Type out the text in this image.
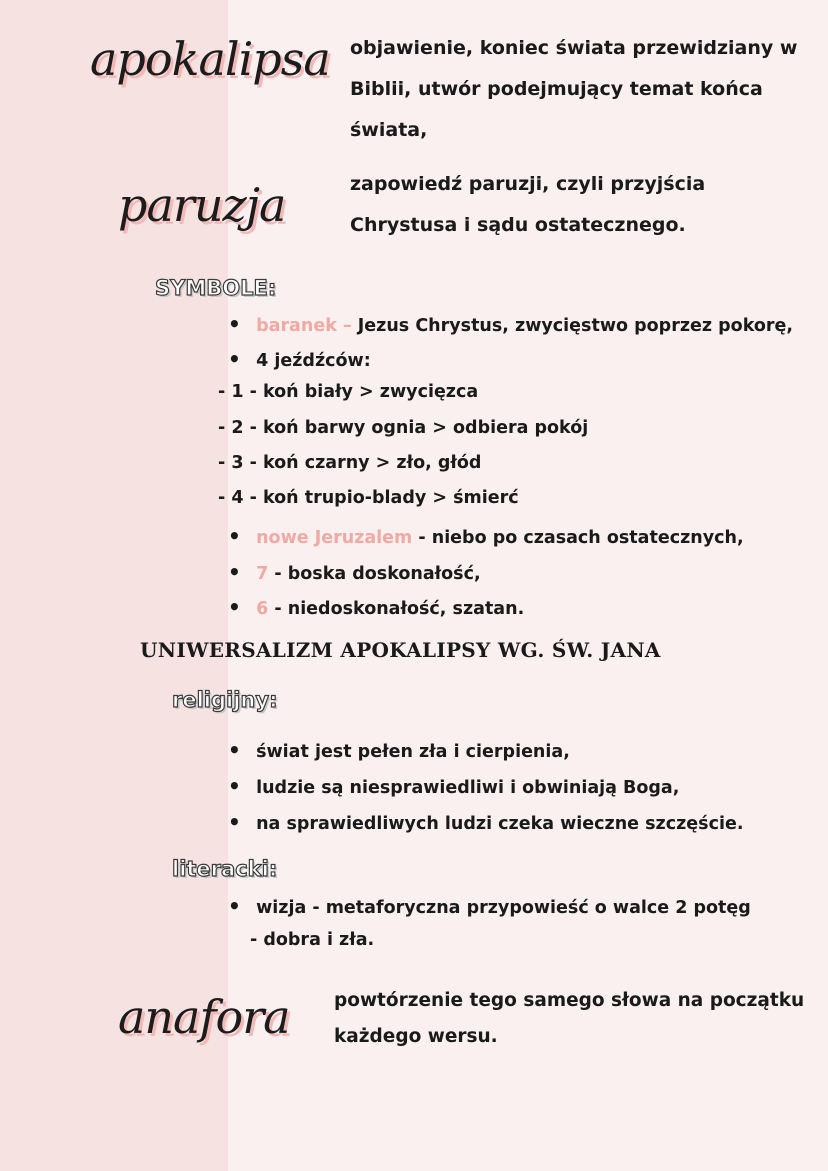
apokalipsa objawienie, koniec świata przewidziany w
Biblii, utwór podejmujący temat końca
świata,
paruzja	zapowiedź paruzji, czyli przyjścia
Chrystusa i sądu ostatecznego.
SYMBOLE:
• baranek – Jezus Chrystus, zwycięstwo poprzez pokorę,
• 4 jeźdźców:
- 1 - koń biały > zwycięzca
- 2 - koń barwy ognia > odbiera pokój
- 3 - koń czarny > zło, głód
- 4 - koń trupio-blady > śmierć
• nowe Jeruzalem - niebo po czasach ostatecznych,
• 7 - boska doskonałość,
• 6 - niedoskonałość, szatan.
UNIWERSALIZM APOKALIPSY WG. ŚW. JANA
religijny:
• świat jest pełen zła i cierpienia,
• ludzie są niesprawiedliwi i obwiniają Boga,
• na sprawiedliwych ludzi czeka wieczne szczęście.
literacki:
• wizja - metaforyczna przypowieść o walce 2 potęg
- dobra i zła.
anafora powtórzenie tego samego słowa na początku
każdego wersu.
